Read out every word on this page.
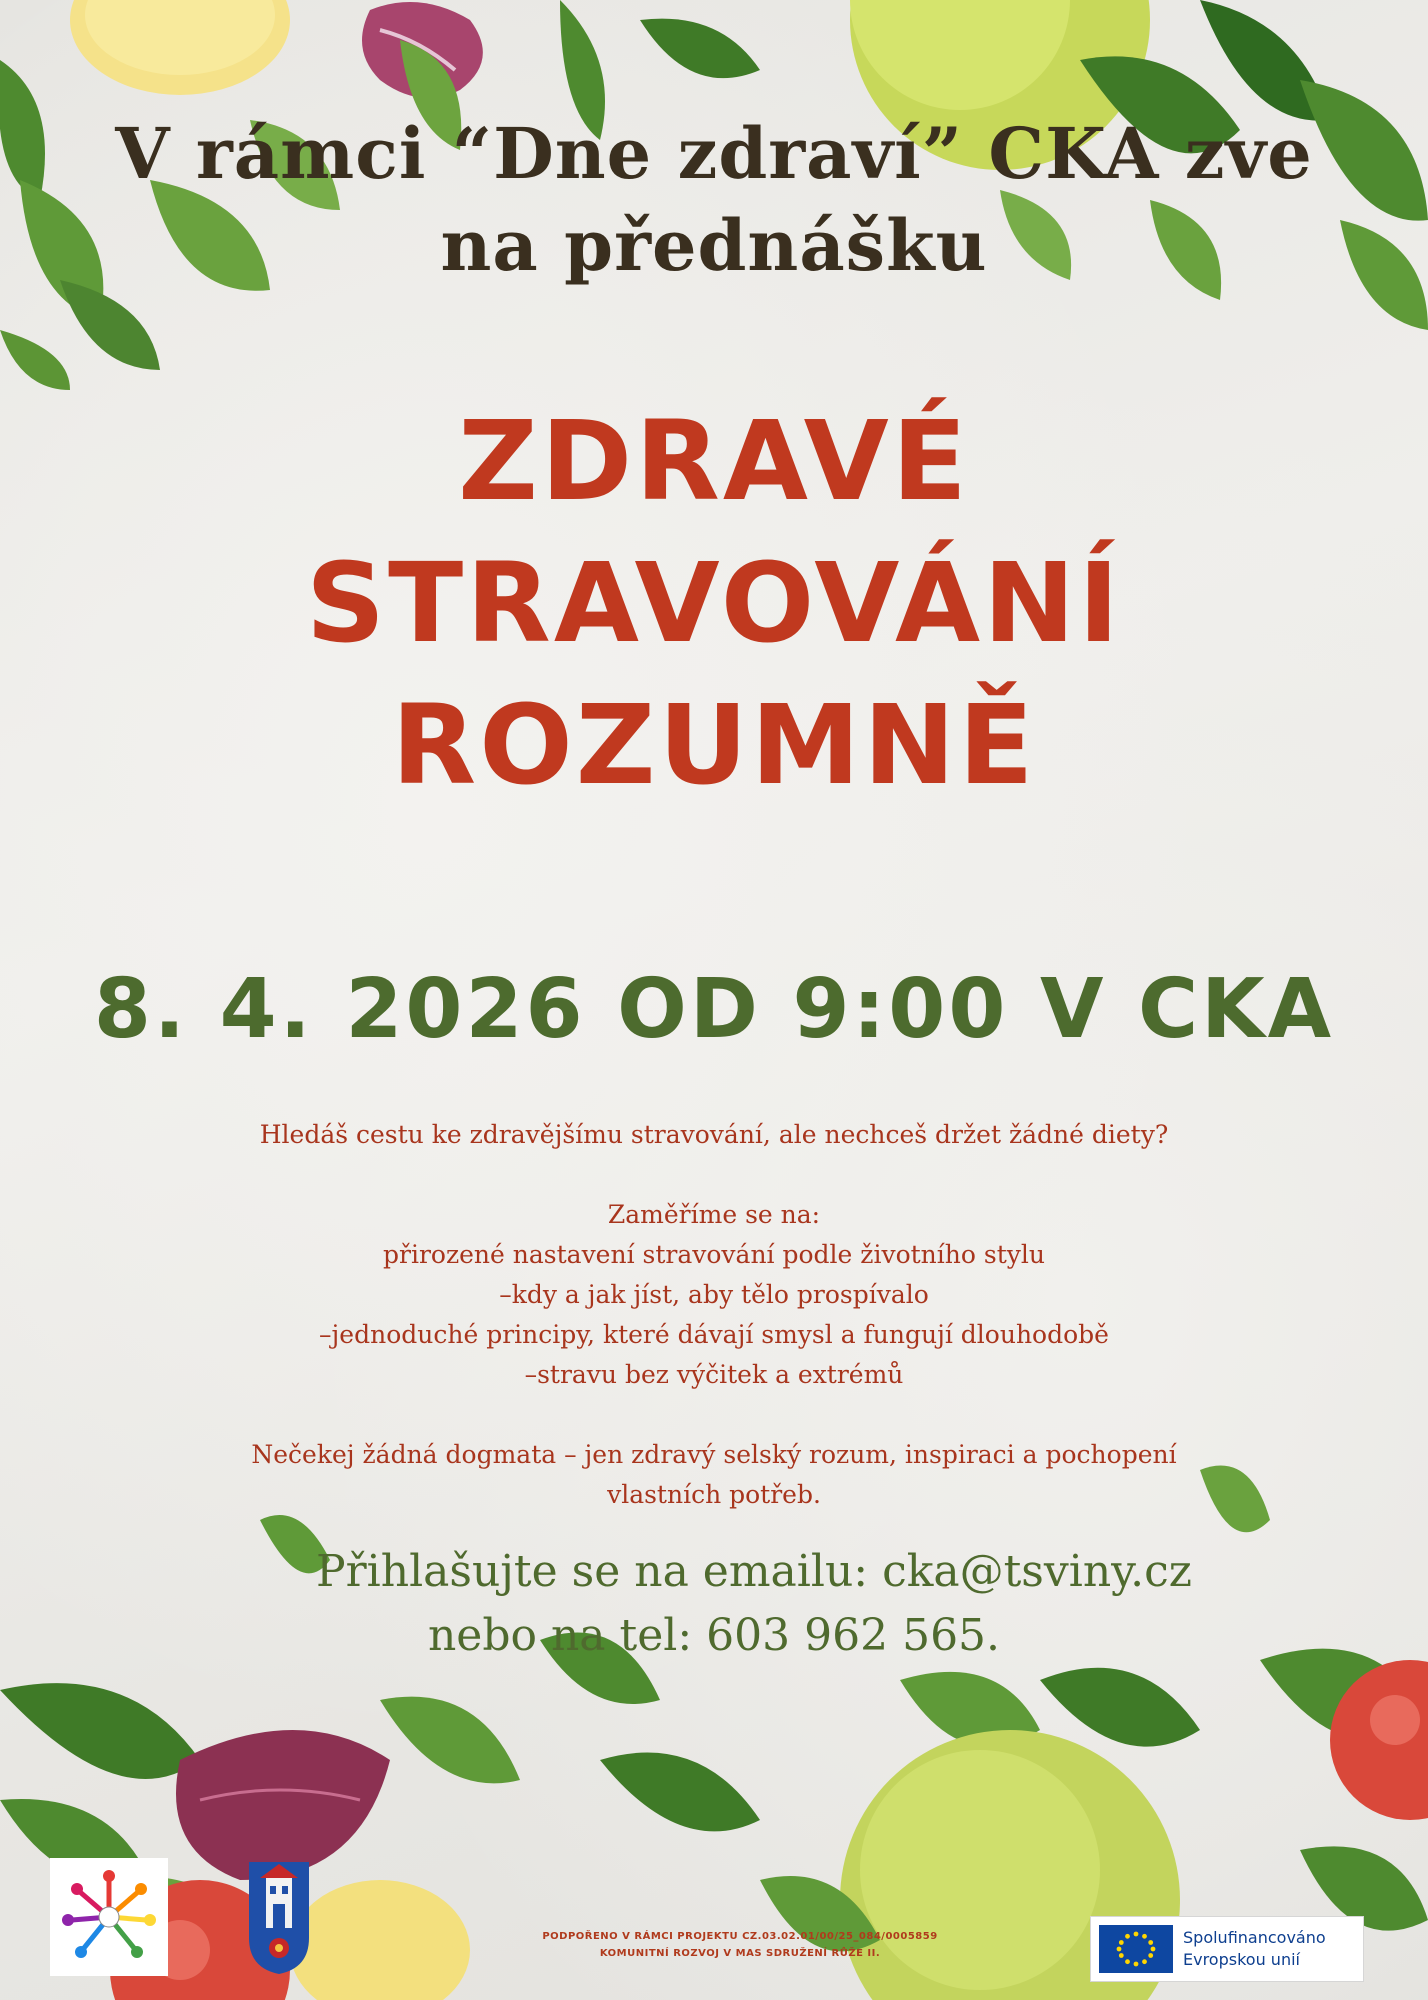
V rámci “Dne zdraví” CKA zve
na přednášku
ZDRAVÉ
STRAVOVÁNÍ
ROZUMNĚ
8. 4. 2026 OD 9:00 V CKA
Hledáš cestu ke zdravějšímu stravování, ale nechceš držet žádné diety?
Zaměříme se na:
přirozené nastavení stravování podle životního stylu
–kdy a jak jíst, aby tělo prospívalo
–jednoduché principy, které dávají smysl a fungují dlouhodobě
–stravu bez výčitek a extrémů
Nečekej žádná dogmata – jen zdravý selský rozum, inspiraci a pochopení
vlastních potřeb.
Přihlašujte se na emailu: cka@tsviny.cz
nebo na tel: 603 962 565.
PODPOŘENO V RÁMCI PROJEKTU CZ.03.02.01/00/25_084/0005859
KOMUNITNÍ ROZVOJ V MAS SDRUŽENÍ RŮŽE II.
Spolufinancováno
Evropskou unií
